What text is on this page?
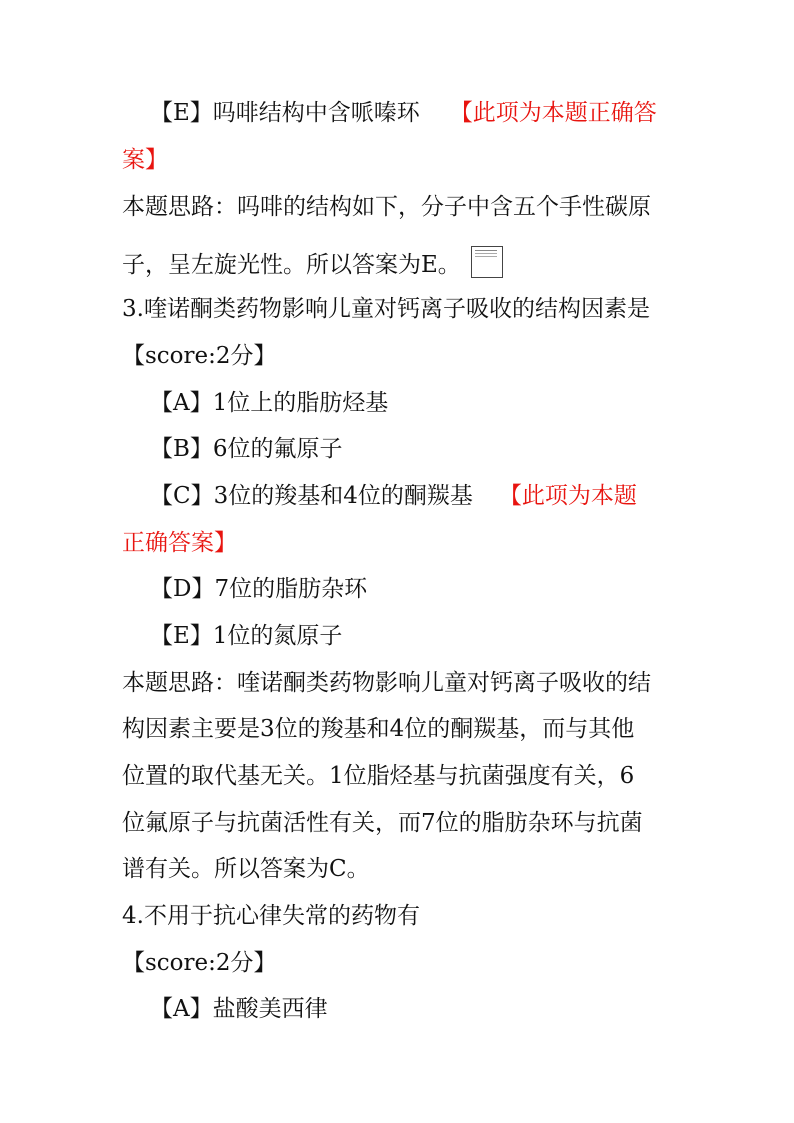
【E】吗啡结构中含哌嗪环 【此项为本题正确答
案】
本题思路：吗啡的结构如下，分子中含五个手性碳原
子，呈左旋光性。所以答案为E。
3.喹诺酮类药物影响儿童对钙离子吸收的结构因素是
【score:2分】
【A】1位上的脂肪烃基
【B】6位的氟原子
【C】3位的羧基和4位的酮羰基 【此项为本题
正确答案】
【D】7位的脂肪杂环
【E】1位的氮原子
本题思路：喹诺酮类药物影响儿童对钙离子吸收的结
构因素主要是3位的羧基和4位的酮羰基，而与其他
位置的取代基无关。1位脂烃基与抗菌强度有关，6
位氟原子与抗菌活性有关，而7位的脂肪杂环与抗菌
谱有关。所以答案为C。
4.不用于抗心律失常的药物有
【score:2分】
【A】盐酸美西律
